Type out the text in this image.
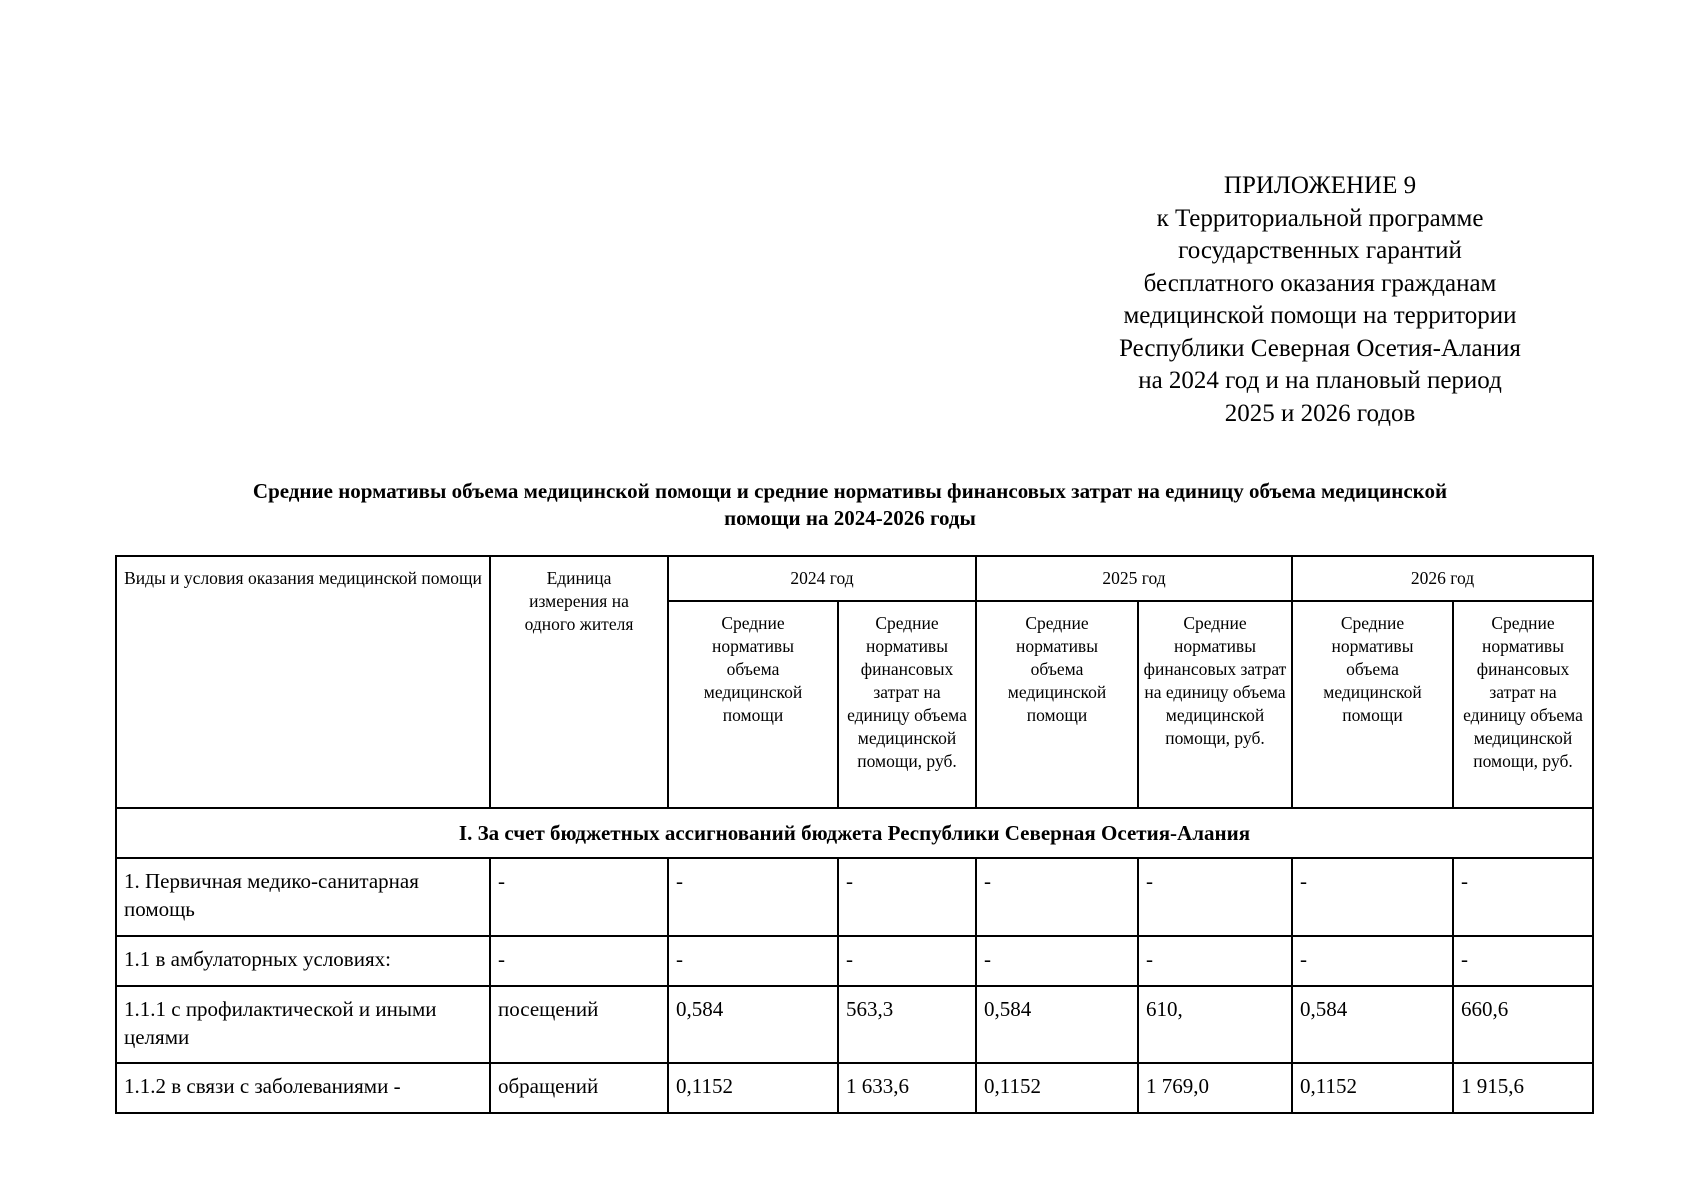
ПРИЛОЖЕНИЕ 9
к Территориальной программе
государственных гарантий
бесплатного оказания гражданам
медицинской помощи на территории
Республики Северная Осетия-Алания
на 2024 год и на плановый период
2025 и 2026 годов
Средние нормативы объема медицинской помощи и средние нормативы финансовых затрат на единицу объема медицинской
помощи на 2024-2026 годы
Виды и условия оказания медицинской помощи	Единица измерения на одного жителя	2024 год		2025 год		2026 год	
		Средние нормативы объема медицинской помощи	Средние нормативы финансовых затрат на единицу объема медицинской помощи, руб.	Средние нормативы объема медицинской помощи	Средние нормативы финансовых затрат на единицу объема медицинской помощи, руб.	Средние нормативы объема медицинской помощи	Средние нормативы финансовых затрат на единицу объема медицинской помощи, руб.
I. За счет бюджетных ассигнований бюджета Республики Северная Осетия-Алания							
1. Первичная медико-санитарная помощь	-	-	-	-	-	-	-
1.1 в амбулаторных условиях:	-	-	-	-	-	-	-
1.1.1 с профилактической и иными целями	посещений	0,584	563,3	0,584	610,	0,584	660,6
1.1.2 в связи с заболеваниями -	обращений	0,1152	1 633,6	0,1152	1 769,0	0,1152	1 915,6
